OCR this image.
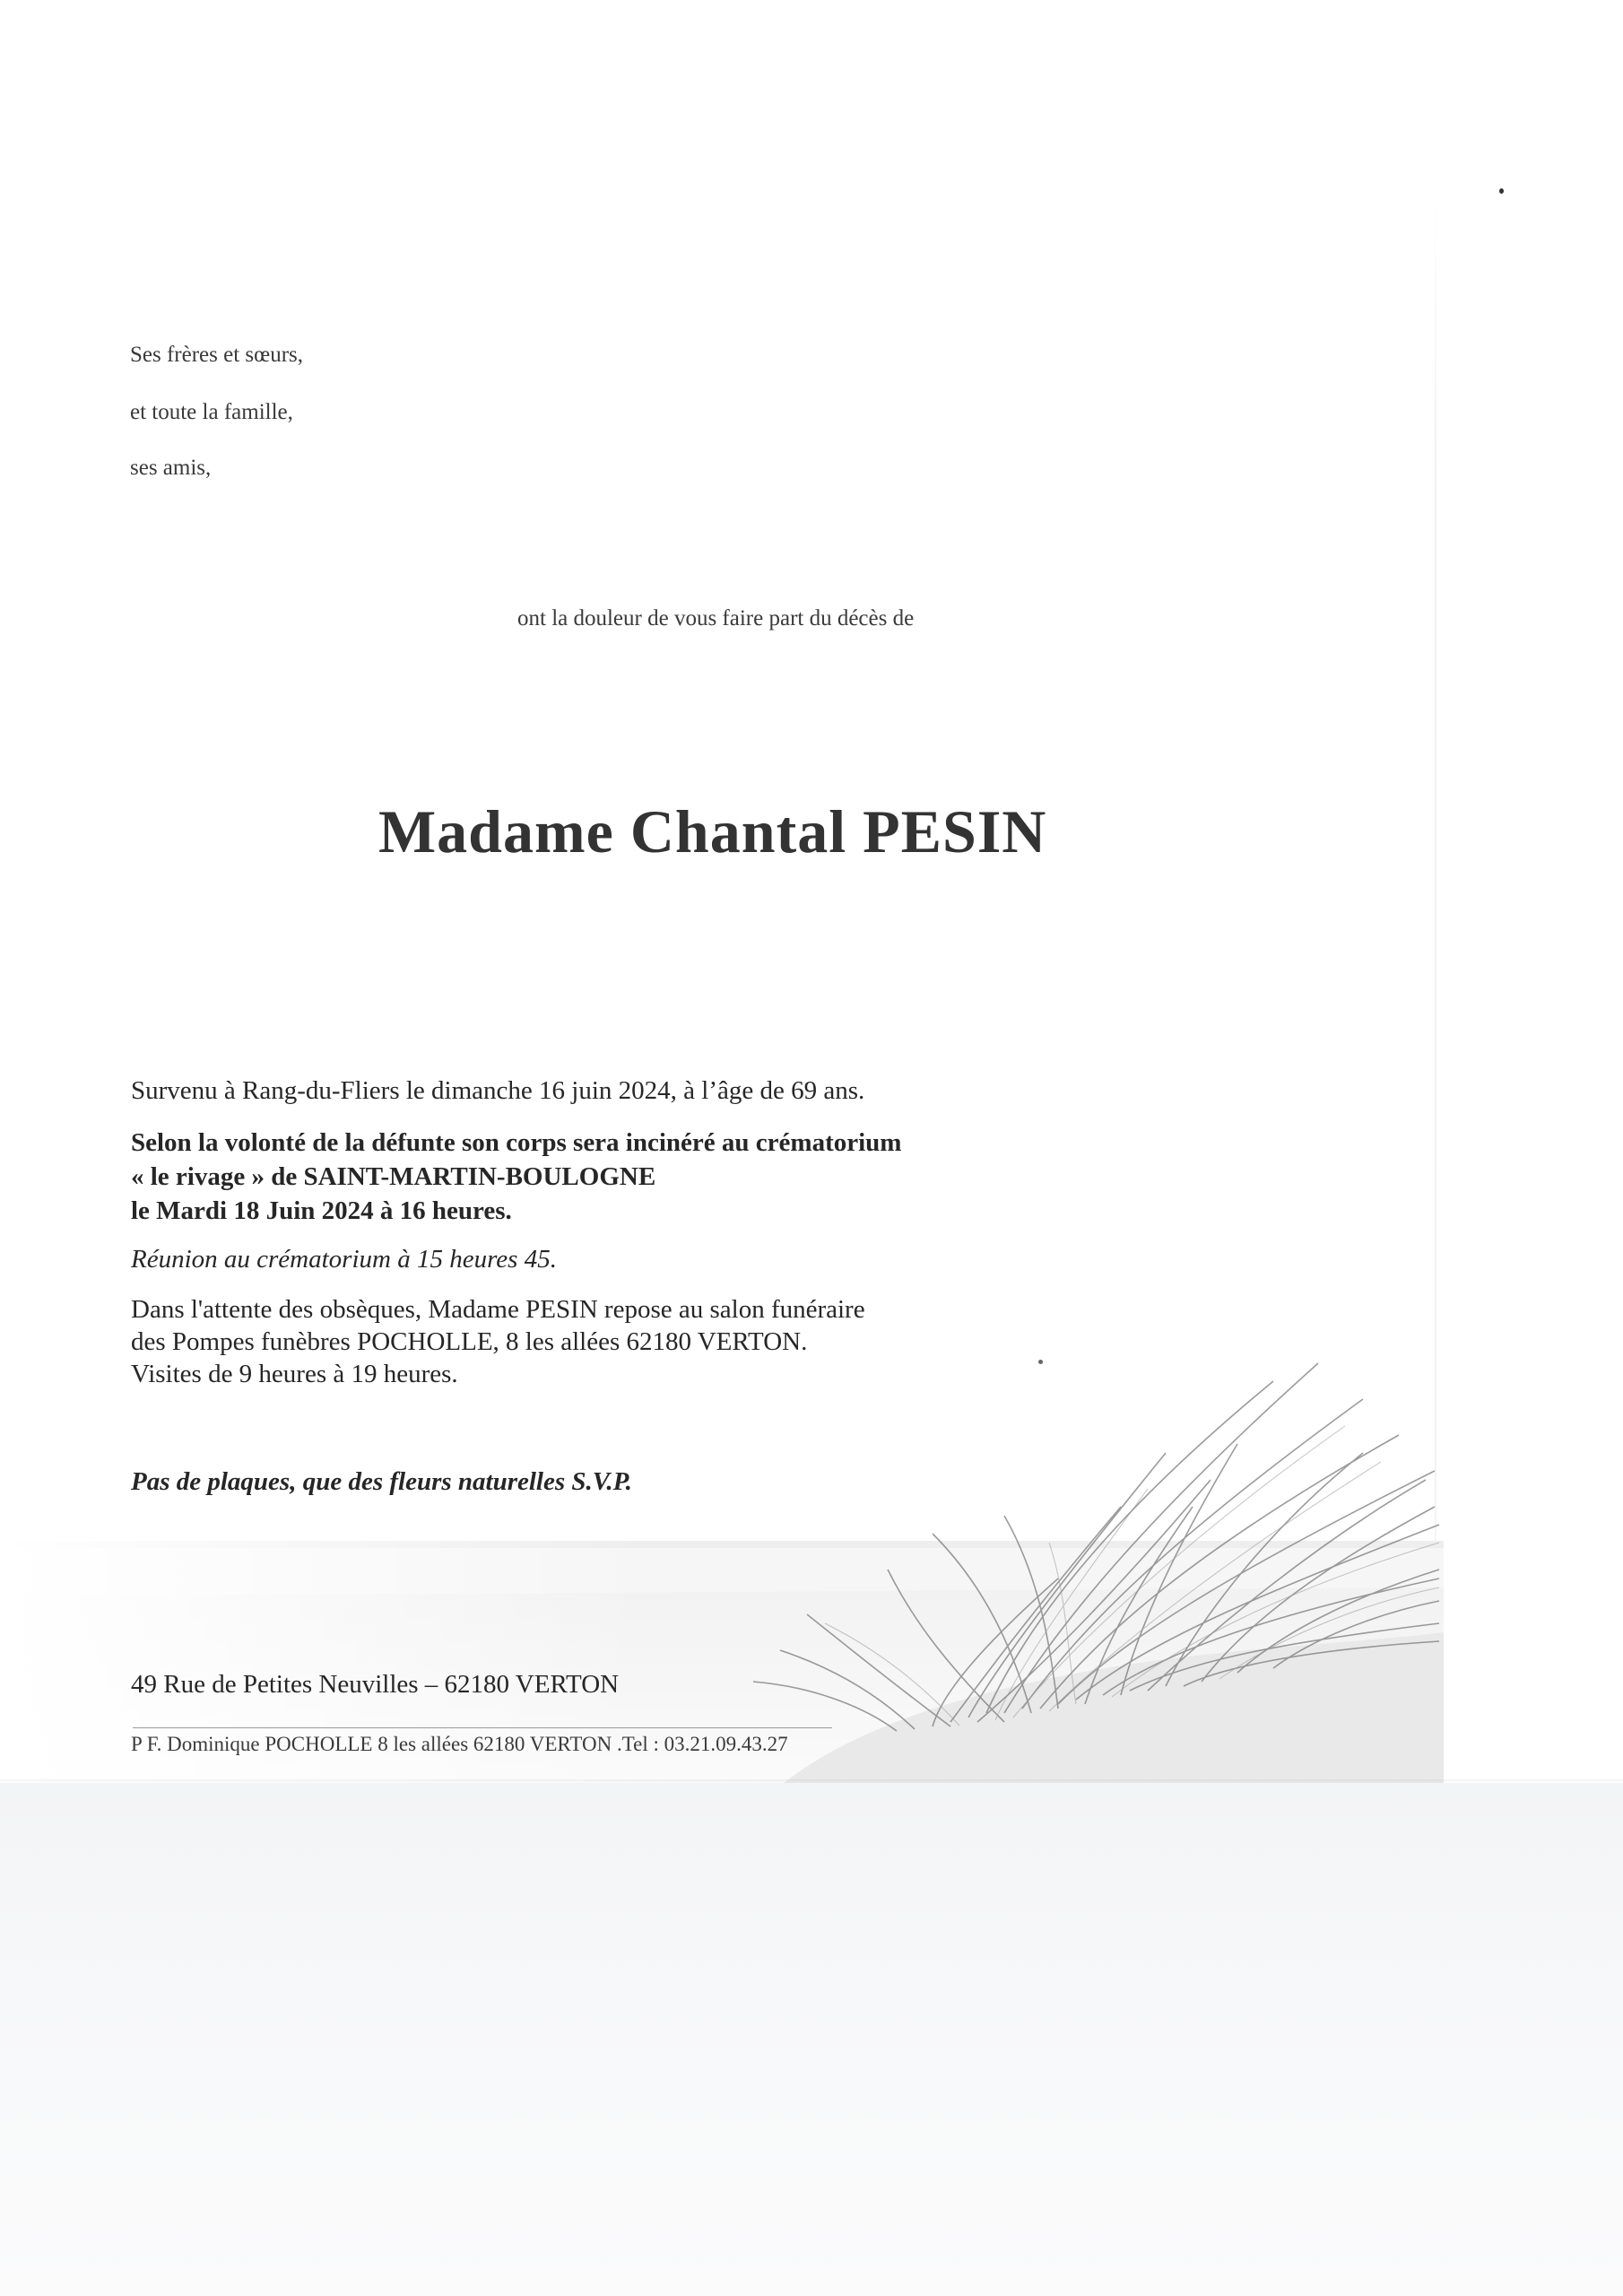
Ses frères et sœurs,
et toute la famille,
ses amis,
ont la douleur de vous faire part du décès de
Madame Chantal PESIN
Survenu à Rang-du-Fliers le dimanche 16 juin 2024, à l’âge de 69 ans.
Selon la volonté de la défunte son corps sera incinéré au crématorium
« le rivage » de SAINT-MARTIN-BOULOGNE
le Mardi 18 Juin 2024 à 16 heures.
Réunion au crématorium à 15 heures 45.
Dans l'attente des obsèques, Madame PESIN repose au salon funéraire
des Pompes funèbres POCHOLLE, 8 les allées 62180 VERTON.
Visites de 9 heures à 19 heures.
Pas de plaques, que des fleurs naturelles S.V.P.
49 Rue de Petites Neuvilles – 62180 VERTON
P F. Dominique POCHOLLE 8 les allées 62180 VERTON .Tel : 03.21.09.43.27
